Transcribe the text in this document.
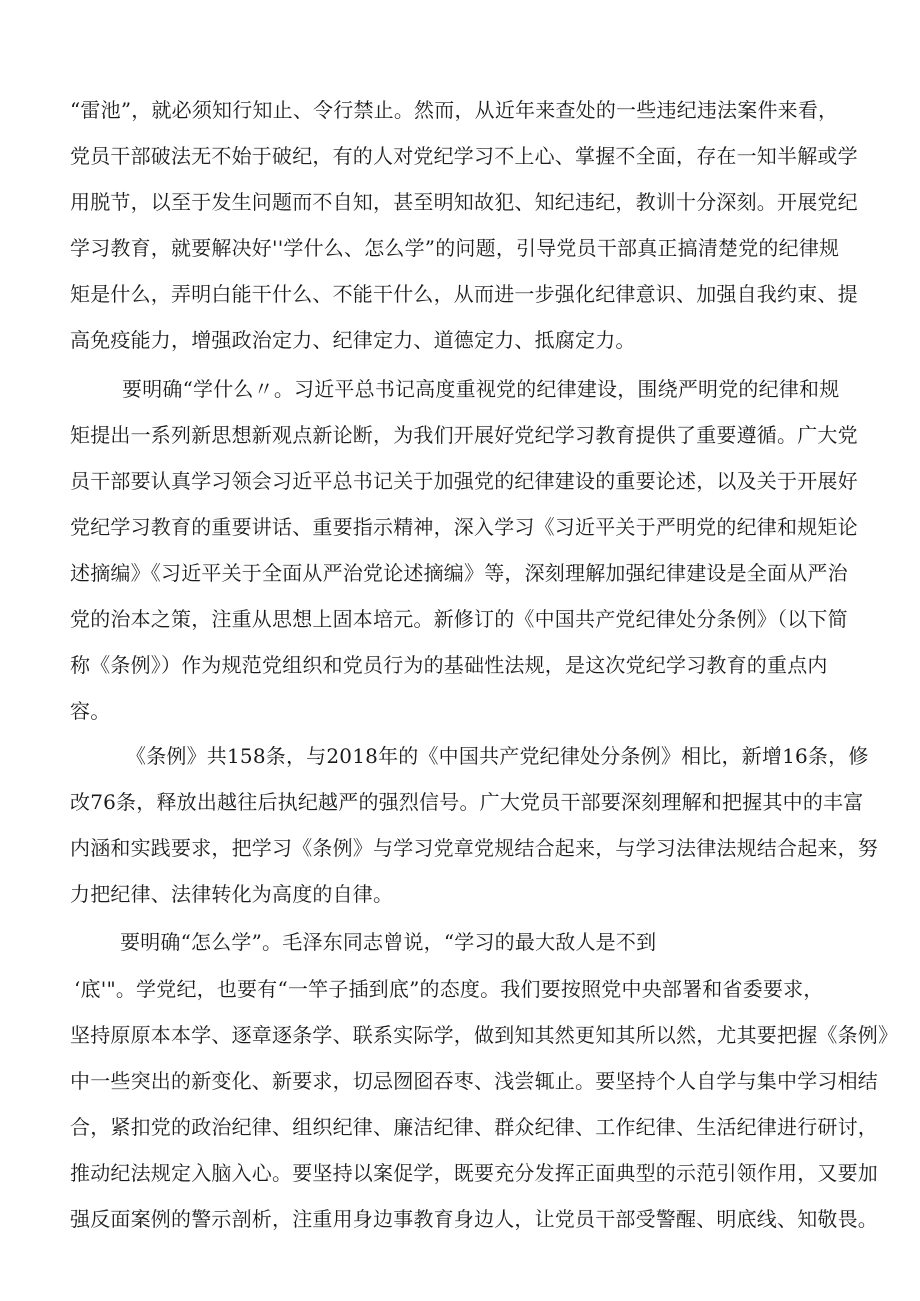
“雷池”，就必须知行知止、令行禁止。然而，从近年来查处的一些违纪违法案件来看，
党员干部破法无不始于破纪，有的人对党纪学习不上心、掌握不全面，存在一知半解或学
用脱节，以至于发生问题而不自知，甚至明知故犯、知纪违纪，教训十分深刻。开展党纪
学习教育，就要解决好''学什么、怎么学”的问题，引导党员干部真正搞清楚党的纪律规
矩是什么，弄明白能干什么、不能干什么，从而进一步强化纪律意识、加强自我约束、提
高免疫能力，增强政治定力、纪律定力、道德定力、抵腐定力。
要明确“学什么〃。习近平总书记高度重视党的纪律建设，围绕严明党的纪律和规
矩提出一系列新思想新观点新论断，为我们开展好党纪学习教育提供了重要遵循。广大党
员干部要认真学习领会习近平总书记关于加强党的纪律建设的重要论述，以及关于开展好
党纪学习教育的重要讲话、重要指示精神，深入学习《习近平关于严明党的纪律和规矩论
述摘编》《习近平关于全面从严治党论述摘编》等，深刻理解加强纪律建设是全面从严治
党的治本之策，注重从思想上固本培元。新修订的《中国共产党纪律处分条例》（以下简
称《条例》）作为规范党组织和党员行为的基础性法规，是这次党纪学习教育的重点内
容。
《条例》共158条，与2018年的《中国共产党纪律处分条例》相比，新增16条，修
改76条，释放出越往后执纪越严的强烈信号。广大党员干部要深刻理解和把握其中的丰富
内涵和实践要求，把学习《条例》与学习党章党规结合起来，与学习法律法规结合起来，努
力把纪律、法律转化为高度的自律。
要明确“怎么学”。毛泽东同志曾说，“学习的最大敌人是不到
‘底'"。学党纪，也要有“一竿子插到底”的态度。我们要按照党中央部署和省委要求，
坚持原原本本学、逐章逐条学、联系实际学，做到知其然更知其所以然，尤其要把握《条例》
中一些突出的新变化、新要求，切忌囫囵吞枣、浅尝辄止。要坚持个人自学与集中学习相结
合，紧扣党的政治纪律、组织纪律、廉洁纪律、群众纪律、工作纪律、生活纪律进行研讨，
推动纪法规定入脑入心。要坚持以案促学，既要充分发挥正面典型的示范引领作用，又要加
强反面案例的警示剖析，注重用身边事教育身边人，让党员干部受警醒、明底线、知敬畏。
